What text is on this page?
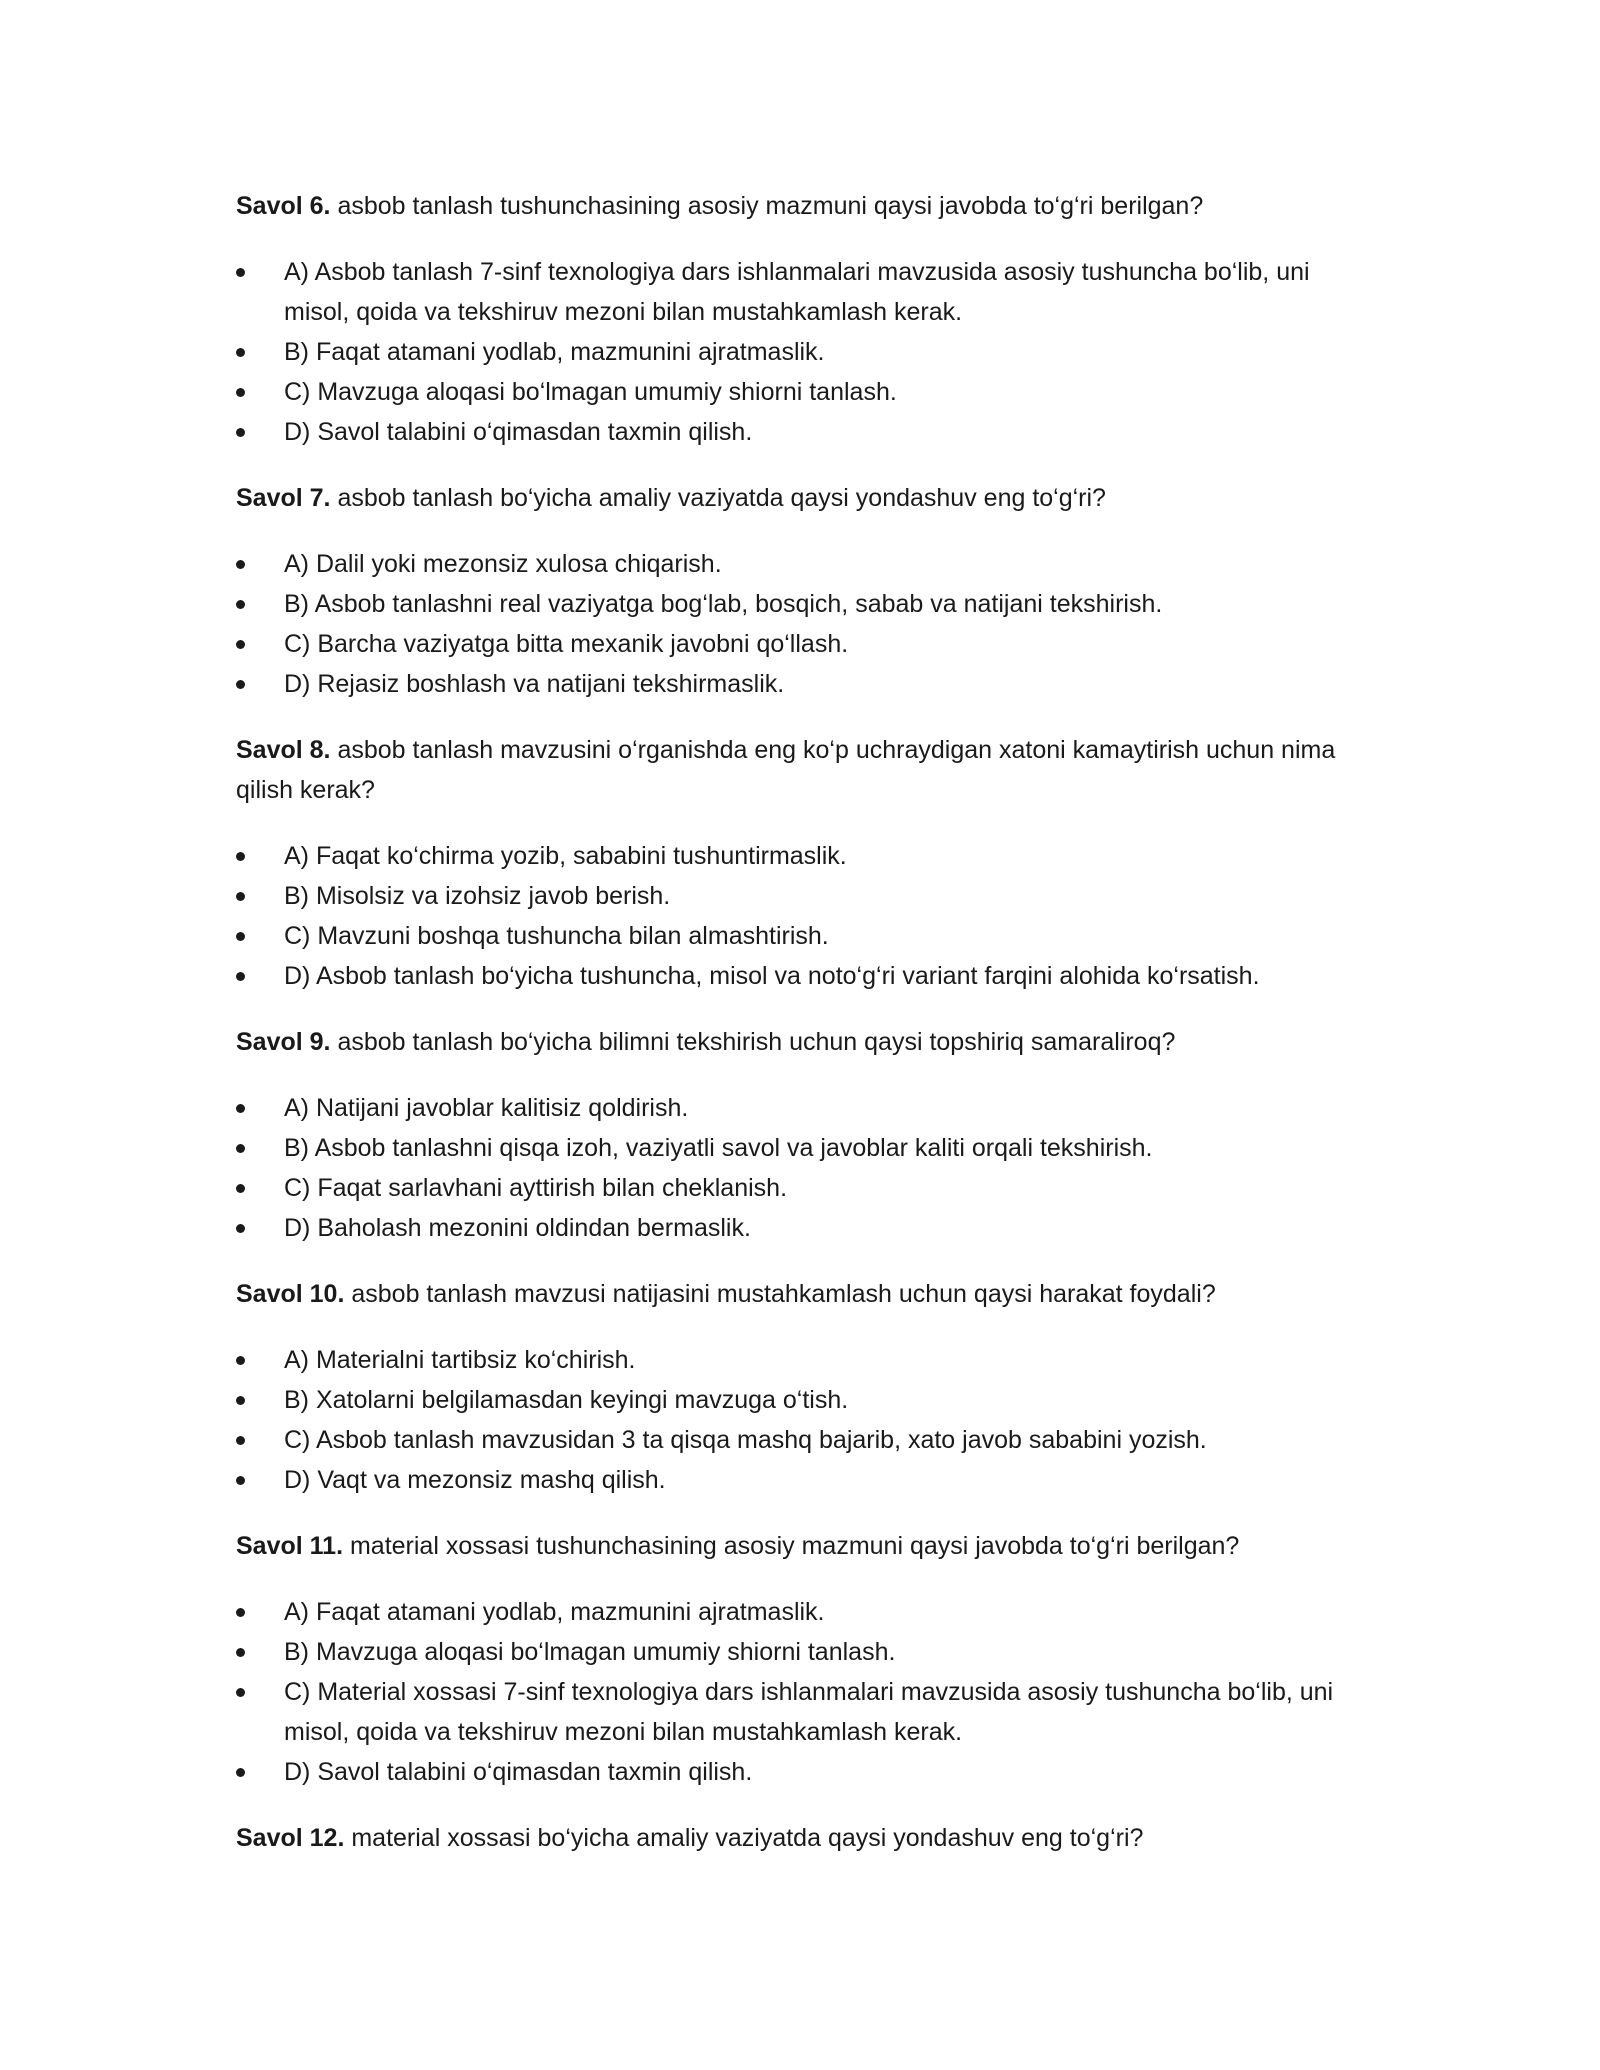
Savol 6. asbob tanlash tushunchasining asosiy mazmuni qaysi javobda to‘g‘ri berilgan?

A) Asbob tanlash 7-sinf texnologiya dars ishlanmalari mavzusida asosiy tushuncha bo‘lib, uni misol, qoida va tekshiruv mezoni bilan mustahkamlash kerak.
B) Faqat atamani yodlab, mazmunini ajratmaslik.
C) Mavzuga aloqasi bo‘lmagan umumiy shiorni tanlash.
D) Savol talabini o‘qimasdan taxmin qilish.

Savol 7. asbob tanlash bo‘yicha amaliy vaziyatda qaysi yondashuv eng to‘g‘ri?

A) Dalil yoki mezonsiz xulosa chiqarish.
B) Asbob tanlashni real vaziyatga bog‘lab, bosqich, sabab va natijani tekshirish.
C) Barcha vaziyatga bitta mexanik javobni qo‘llash.
D) Rejasiz boshlash va natijani tekshirmaslik.

Savol 8. asbob tanlash mavzusini o‘rganishda eng ko‘p uchraydigan xatoni kamaytirish uchun nima qilish kerak?

A) Faqat ko‘chirma yozib, sababini tushuntirmaslik.
B) Misolsiz va izohsiz javob berish.
C) Mavzuni boshqa tushuncha bilan almashtirish.
D) Asbob tanlash bo‘yicha tushuncha, misol va noto‘g‘ri variant farqini alohida ko‘rsatish.

Savol 9. asbob tanlash bo‘yicha bilimni tekshirish uchun qaysi topshiriq samaraliroq?

A) Natijani javoblar kalitisiz qoldirish.
B) Asbob tanlashni qisqa izoh, vaziyatli savol va javoblar kaliti orqali tekshirish.
C) Faqat sarlavhani ayttirish bilan cheklanish.
D) Baholash mezonini oldindan bermaslik.

Savol 10. asbob tanlash mavzusi natijasini mustahkamlash uchun qaysi harakat foydali?

A) Materialni tartibsiz ko‘chirish.
B) Xatolarni belgilamasdan keyingi mavzuga o‘tish.
C) Asbob tanlash mavzusidan 3 ta qisqa mashq bajarib, xato javob sababini yozish.
D) Vaqt va mezonsiz mashq qilish.

Savol 11. material xossasi tushunchasining asosiy mazmuni qaysi javobda to‘g‘ri berilgan?

A) Faqat atamani yodlab, mazmunini ajratmaslik.
B) Mavzuga aloqasi bo‘lmagan umumiy shiorni tanlash.
C) Material xossasi 7-sinf texnologiya dars ishlanmalari mavzusida asosiy tushuncha bo‘lib, uni misol, qoida va tekshiruv mezoni bilan mustahkamlash kerak.
D) Savol talabini o‘qimasdan taxmin qilish.

Savol 12. material xossasi bo‘yicha amaliy vaziyatda qaysi yondashuv eng to‘g‘ri?
